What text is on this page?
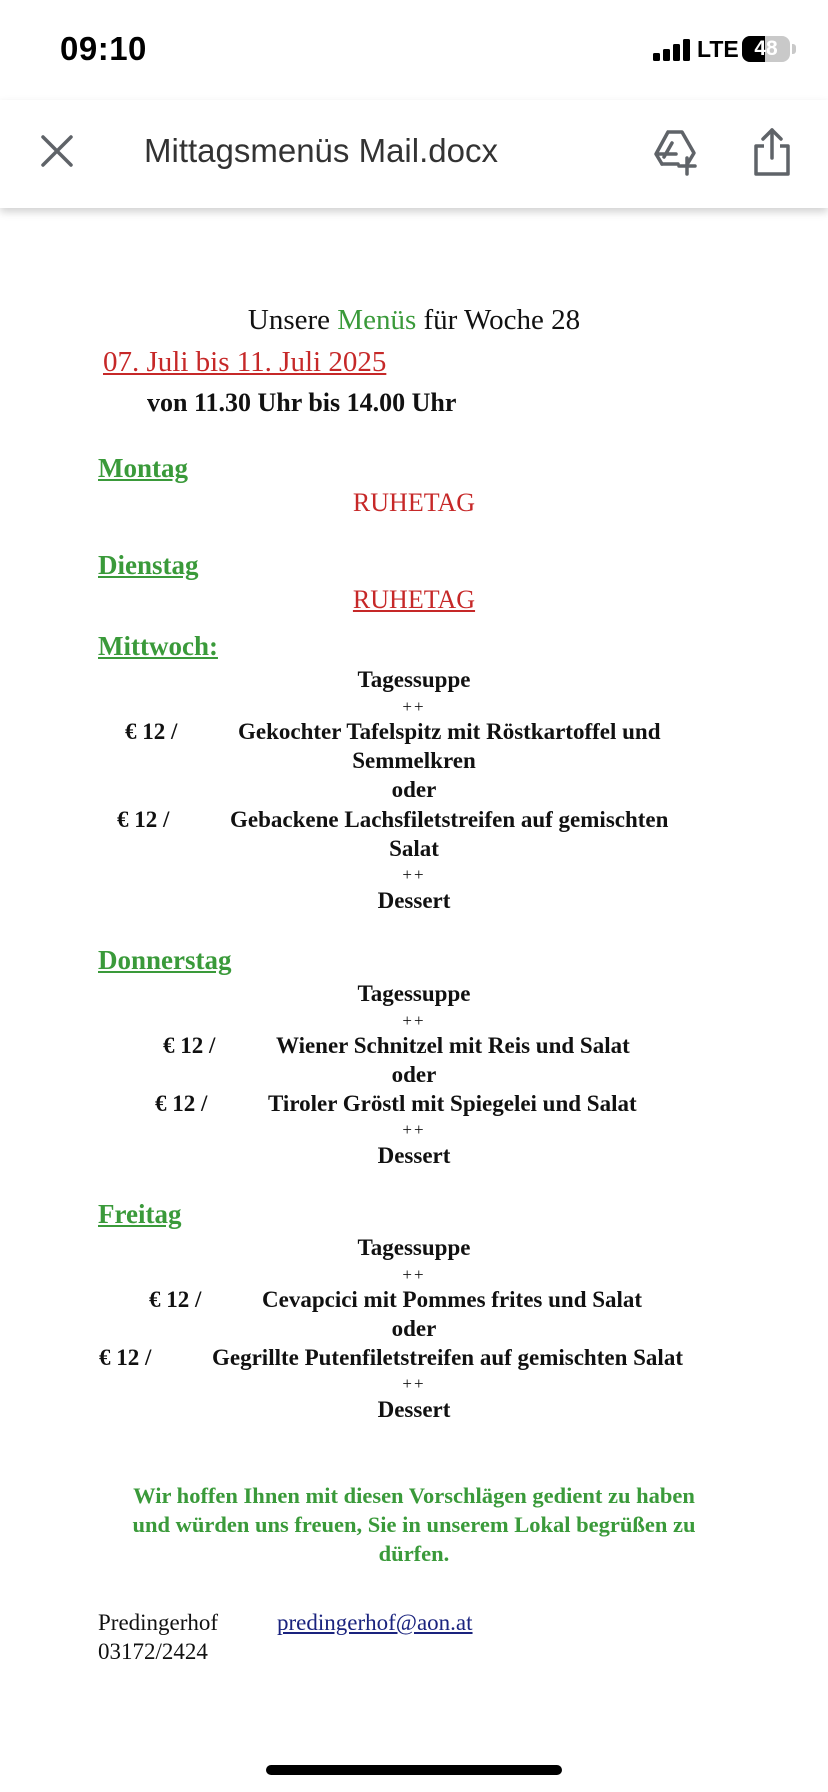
09:10	LTE 48
Mittagsmenüs Mail.docx
Unsere Menüs für Woche 28
07. Juli bis 11. Juli 2025
von 11.30 Uhr bis 14.00 Uhr
Montag
RUHETAG
Dienstag
RUHETAG
Mittwoch:
Tagessuppe
++
€ 12 /	Gekochter Tafelspitz mit Röstkartoffel und
Semmelkren
oder
€ 12 /	Gebackene Lachsfiletstreifen auf gemischten
Salat
++
Dessert
Donnerstag
Tagessuppe
++
€ 12 /	Wiener Schnitzel mit Reis und Salat
oder
€ 12 /	Tiroler Gröstl mit Spiegelei und Salat
++
Dessert
Freitag
Tagessuppe
++
€ 12 /	Cevapcici mit Pommes frites und Salat
oder
€ 12 /	Gegrillte Putenfiletstreifen auf gemischten Salat
++
Dessert
Wir hoffen Ihnen mit diesen Vorschlägen gedient zu haben
und würden uns freuen, Sie in unserem Lokal begrüßen zu
dürfen.
Predingerhof	predingerhof@aon.at
03172/2424
